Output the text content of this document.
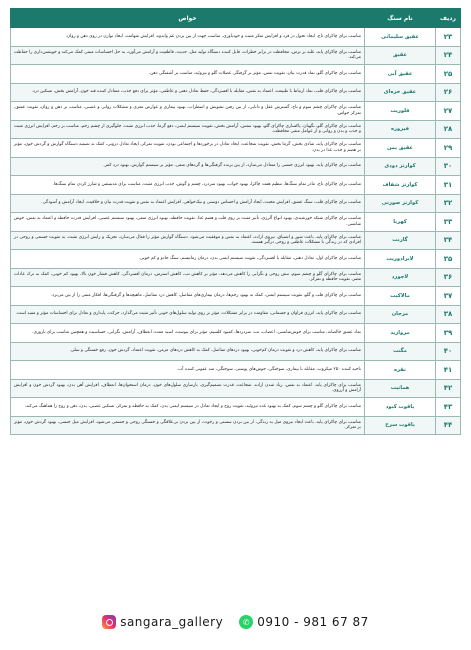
ردیف	نام سنگ	خواص
۲۳	عقیق سلیمانی	مناسب برای چاکرای تاج، ایجاد تحول در فرد و افزایش تفکر مثبت و خودباوری، مناسب جهت از بین بردن غم واندوه، افزایش شهامت، ایجاد توازن در روی ذهن و روان.
۲۴	عقیق	مناسب برای چاکرای پایه، غلبه بر ترس، محافظت در برابر خطرات، قابل کننده دستگاه تولید مثل، جدیت، قاطعیت و آرامش می‌آورد، به حل احساسات منفی کمک می‌کند و خویشتن‌داری را حفاظت می‌کند.
۲۵	عقیق آبی	مناسب برای چاکرای گلو، نماد قدرت بیان، تقویت نفس، مؤثر بر گرفتگی عضلات گلو و تیروئید، مناسب بر آشفتگی ذهن.
۲۶	عقیق خزه‌ای	مناسب برای چاکرای قلب، نماد ارتباط با طبیعت، اعتماد به نفس، مقابله با افسردگی، حفظ تعادل ذهنی و عاطفی، مؤثر برای دفع جذب، متعادل کننده قند خون، آرامش بخش، تسکین درد.
۲۷	فلوریت	مناسب برای چاکرای چشم سوم و تاج، گسترش عقل و دانایی، از بین رفتن تشویش و اضطراب، بهبود بیماری و عوارض مغزی و مشکلات روانی و عصبی، مناسب بر ذهن و روان، تقویت عشق، تمرکز حواس.
۲۸	فیروزه	مناسب برای چاکرای گلو، نگهبان، پاکسازی چاکرای گلو، بهبود تنفس، آرامش بخش، تقویت سیستم ایمنی، دفع گرما، جذب انرژی مثبت، جلوگیری از چشم زخم، مناسب بر زخم، افزایش انرژی مثبت و جذب و بدن و روانی و از عوامل منفی محافظت.
۲۹	عقیق یمن	مناسب برای چاکرای پایه، شادی بخش، گرما بخش، تقویت شجاعت، ایجاد تعادل در برخوردها و اجتماعی بودن، تقویت تمرکز، ایجاد تعادل درونی، کمک به تصفیه دستگاه گوارش و گردش خون، مؤثر بر هضم و جذب غذا در بدن.
۳۰	کوارتز دودی	مناسب برای چاکرای پایه، بهبود انرژی جنسی را متعادل می‌سازد، از بین برنده گرفتگی‌ها و گره‌های منفی، مؤثر بر سیستم گوارش، بهبود درد کمر.
۳۱	کوارتز شفاف	مناسب برای چاکرای تاج، مادر تمام سنگ‌ها، تنظیم هفت چاکرا، بهبود خواب، بهبود سردرد، چشم و گوش، جذب انرژی مثبت، مناسب برای مدیتیشن و شارژ کردن تمام سنگ‌ها.
۳۲	کوارتز صورتی	مناسب برای چاکرای قلب، سنگ عشق، افزایش محبت، ایجاد آرامش و احساس دوستی و نیک‌خواهی، افزایش اعتماد به نفس و تقویت قدرت بیان و خلاقیت، ایجاد آرامش و آسودگی.
۳۳	کهربا	مناسب برای چاکرای شبکه خورشیدی، بهبود انواع آلرژی، تأثیر مثبت بر روی قلب و هضم غذا، تقویت حافظه، بهبود انرژی منفی، بهبود سیستم عصبی، افزایش قدرت حافظه و اعتماد به نفس، خوش شانسی.
۳۴	گارنت	مناسب برای چاکرای پایه، باعث شور و اشتیاق، نیروی اراده، اعتماد به نفس و موفقیت می‌شود، دستگاه گوارش مؤثر را فعال می‌سازد، تحریک و زایش انرژی مثبت، به تقویت جسمی و روحی در افرادی که در زندگی با مشکلات عاطفی و روحی درگیر هستند.
۳۵	لابرادوریت	مناسب برای چاکرای اول، تعادل ذهنی، مقابله با افسردگی، تقویت سیستم ایمنی بدن، درمان رماتیسم، سنگ جادو و کم خونی.
۳۶	لاجورد	مناسب برای چاکرای گلو و چشم سوم، تنش روحی و نگرانی را کاهش می‌دهد، مؤثر بر کاهش تب، کاهش استرس، درمان افسردگی، کاهش فشار خون بالا، بهبود کم خونی، کمک به ترک عادات مضر، تقویت حافظه و تمرکز.
۳۷	مالاکیت	مناسب برای چاکرای قلب و گلو، تقویت سیستم ایمنی، کمک به بهبود زخم‌ها، درمان بیماری‌های مفاصل، کاهش درد مفاصل، ماهیچه‌ها و گرفتگی‌ها، افکار منفی را از بین می‌برد.
۳۸	مرجان	مناسب برای چاکرای پایه، انرژی فراوان و جسمانی، مقاومت در برابر مشکلات، مؤثر بر روی تولید سلول‌های خونی تأثیر مثبت می‌گذارد، حرکت، پایداری و تعادل برای احساسات مؤثر و مفید است.
۳۹	مروارید	نماد عشق خالصانه، مناسب برای خوش‌شانسی، اعصاب، تب، سردردها، کمبود کلسیم، مؤثر برای یبوست، اسید معده، انعطاف، آرامش، نگرانی، حساسیت و همچنین مناسب برای باروری.
۴۰	مگنت	مناسب برای چاکرای پایه، کاهش درد و تقویت درمان کم‌خونی، بهبود دردهای مفاصل، کمک به کاهش دردهای مزمن، تقویت اعتماد، گردش خون، رفع خستگی و تنبلی.
۴۱	نقره	ناحیه کننده ۲۵۰ میکروب، مقابله با بیماری، سوختگی، جوش‌های پوستی، سوختگی، ضد عفونی کننده آب.
۴۲	هماتیت	مناسب برای چاکرای پایه، اعتماد به نفس، زیاد شدن اراده، شجاعت، قدرت تصمیم‌گیری، بازسازی سلول‌های خون، درمان استخوان‌ها، انعطاف، افزایش آهن بدن، بهبود گردش خون و افزایش آرامش و آرزوی.
۴۳	یاقوت کبود	مناسب برای چاکرای گلو و چشم سوم، کمک به بهبود غده تیروئید، تقویت روح و ایجاد تعادل در سیستم ایمنی بدن، کمک به حافظه و تمرکز، تسکین عصبی، بدن، ذهن و روح را هماهنگ می‌کند.
۴۴	یاقوت سرخ	مناسب برای چاکرای پایه، باعث ایجاد نیروی میل به زندگی، از بین بردن سستی و رخوت، از بین بردن بی‌علاقگی و خستگی روحی و جسمی می‌شود، افزایش میل جنسی، بهبود گردش خون، مؤثر بر تمرکز.
sangara_gallery	✆ 0910 - 981 67 87
